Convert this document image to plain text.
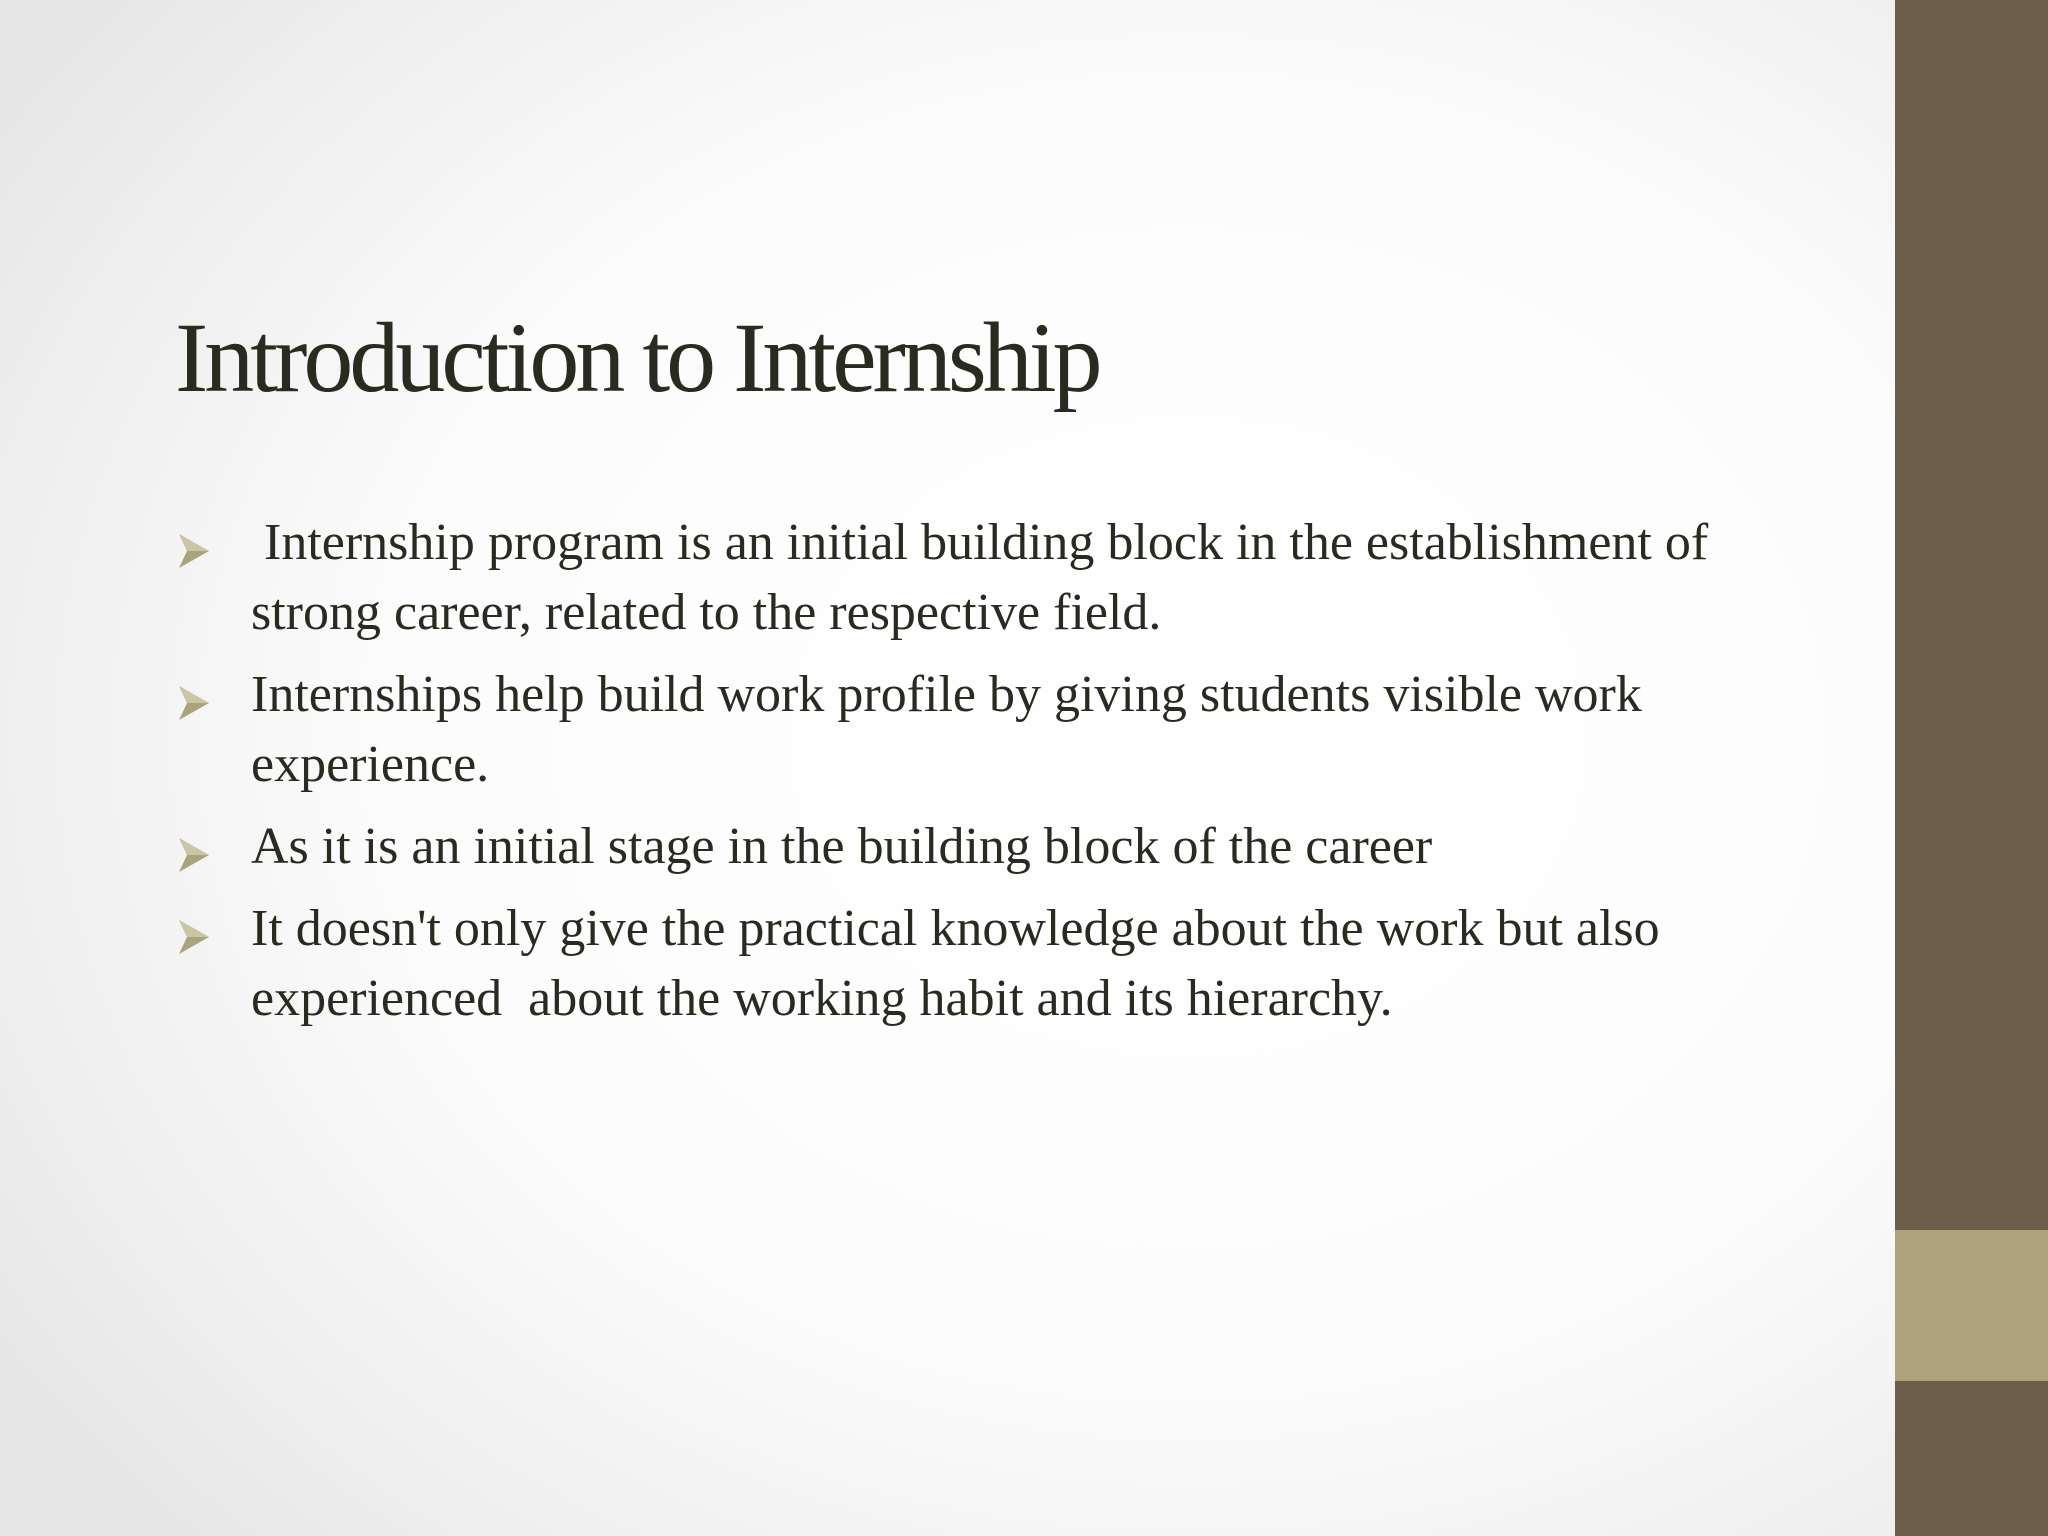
Introduction to Internship
Internship program is an initial building block in the establishment of strong career, related to the respective field.
Internships help build work profile by giving students visible work experience.
As it is an initial stage in the building block of the career
It doesn't only give the practical knowledge about the work but also experienced  about the working habit and its hierarchy.
